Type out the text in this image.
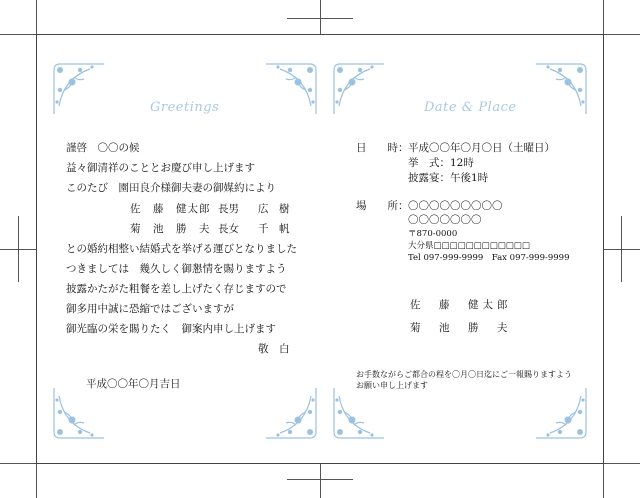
Greetings
謹啓　〇〇の候
益々御清祥のこととお慶び申し上げます
このたび　園田良介様御夫妻の御媒約により
佐　藤　健太郎 長男 広　樹
菊　池　勝　夫 長女 千　帆
との婚約相整い結婚式を挙げる運びとなりました
つきましては　幾久しく御懇情を賜りますよう
披露かたがた粗餐を差し上げたく存じますので
御多用中誠に恐縮ではございますが
御光臨の栄を賜りたく　御案内申し上げます
敬　白
平成〇〇年〇月吉日
Date & Place
日　　時： 平成〇〇年〇月〇日（土曜日）
挙　式：12時
披露宴：午後1時
場　　所： 〇〇〇〇〇〇〇〇〇
〇〇〇〇〇〇〇
〒870-0000
大分県□□□□□□□□□□□□
Tel 097-999-9999　Fax 097-999-9999
佐　藤　健太郎
菊　池　勝　夫
お手数ながらご都合の程を〇月〇日迄にご一報賜りますよう
お願い申し上げます
